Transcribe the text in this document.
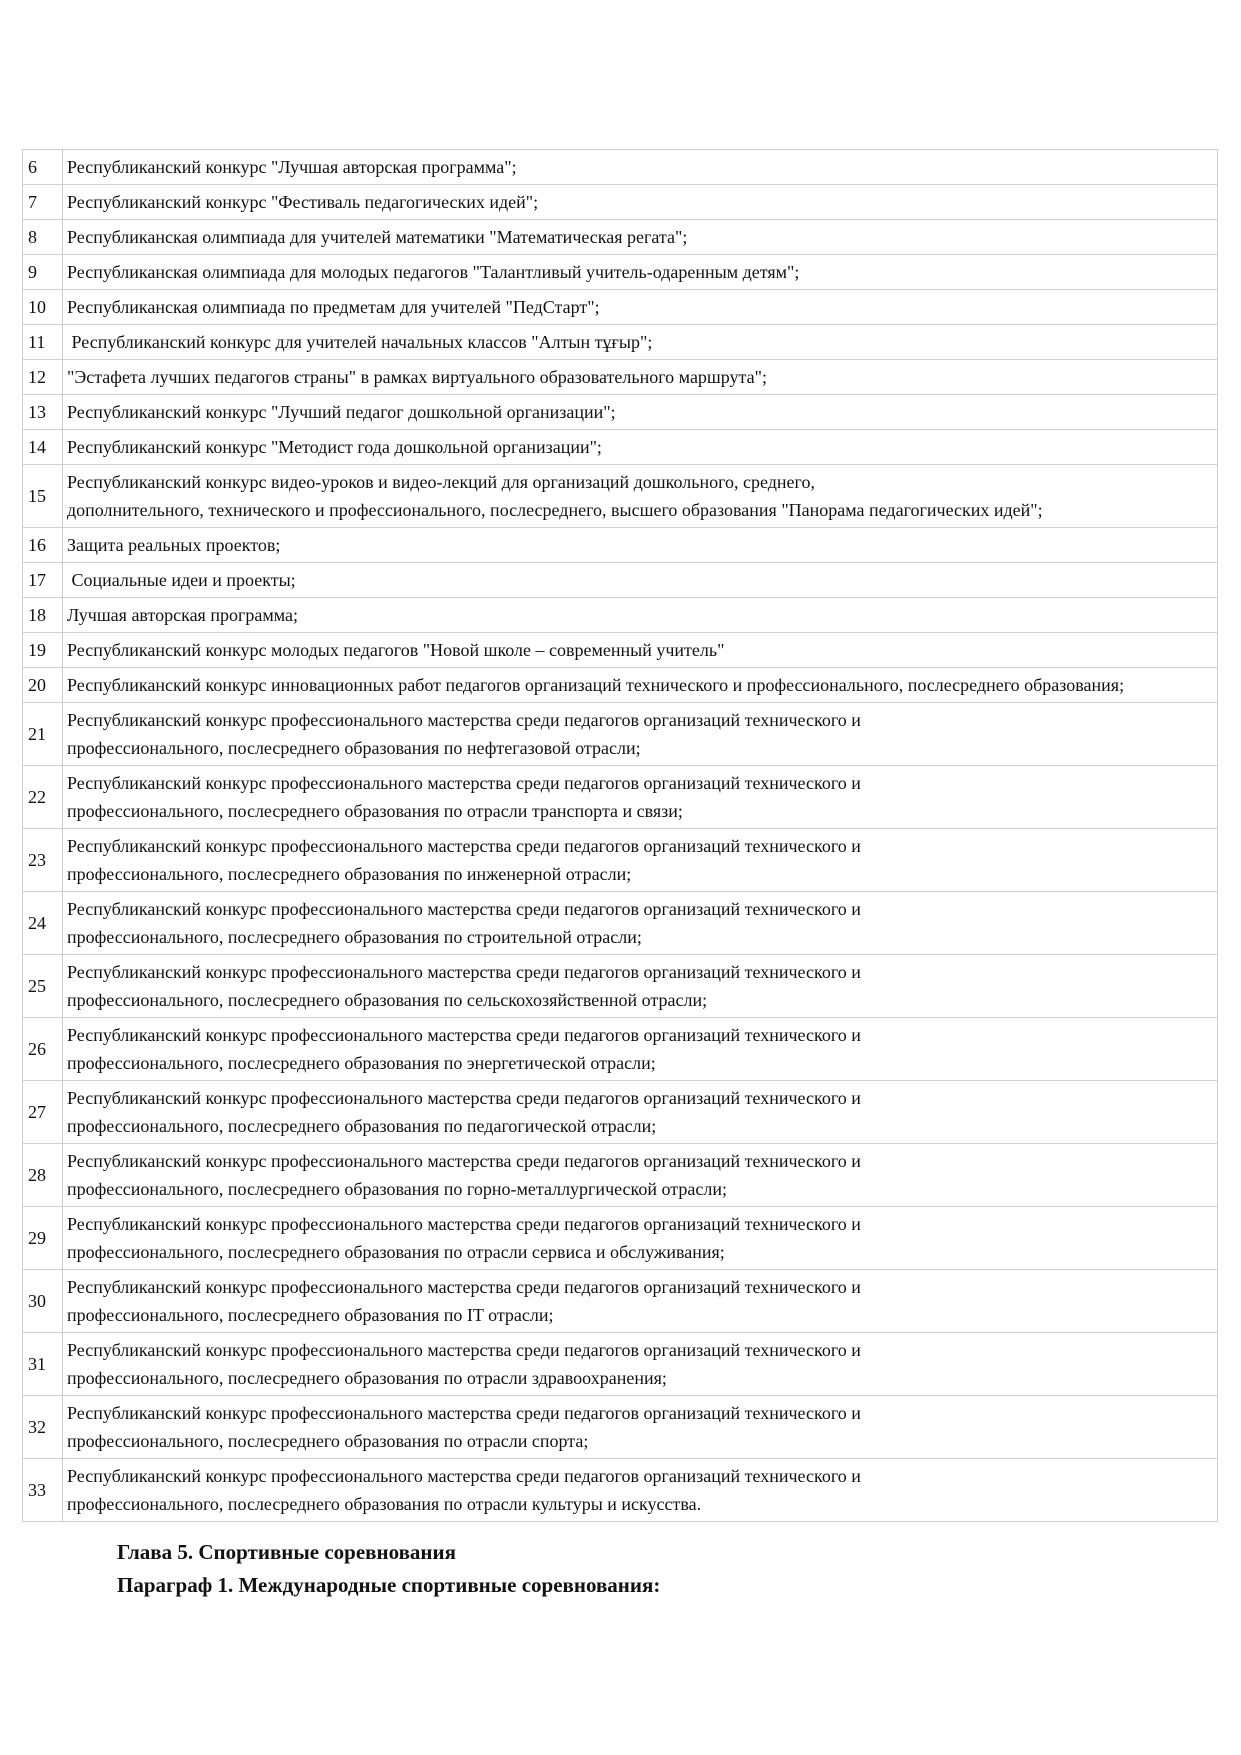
6	Республиканский конкурс "Лучшая авторская программа";
7	Республиканский конкурс "Фестиваль педагогических идей";
8	Республиканская олимпиада для учителей математики "Математическая регата";
9	Республиканская олимпиада для молодых педагогов "Талантливый учитель-одаренным детям";
10	Республиканская олимпиада по предметам для учителей "ПедСтарт";
11	Республиканский конкурс для учителей начальных классов "Алтын тұғыр";
12	"Эстафета лучших педагогов страны" в рамках виртуального образовательного маршрута";
13	Республиканский конкурс "Лучший педагог дошкольной организации";
14	Республиканский конкурс "Методист года дошкольной организации";
15	Республиканский конкурс видео-уроков и видео-лекций для организаций дошкольного, среднего,
дополнительного, технического и профессионального, послесреднего, высшего образования "Панорама педагогических идей";
16	Защита реальных проектов;
17	Социальные идеи и проекты;
18	Лучшая авторская программа;
19	Республиканский конкурс молодых педагогов "Новой школе – современный учитель"
20	Республиканский конкурс инновационных работ педагогов организаций технического и профессионального, послесреднего образования;
21	Республиканский конкурс профессионального мастерства среди педагогов организаций технического и
профессионального, послесреднего образования по нефтегазовой отрасли;
22	Республиканский конкурс профессионального мастерства среди педагогов организаций технического и
профессионального, послесреднего образования по отрасли транспорта и связи;
23	Республиканский конкурс профессионального мастерства среди педагогов организаций технического и
профессионального, послесреднего образования по инженерной отрасли;
24	Республиканский конкурс профессионального мастерства среди педагогов организаций технического и
профессионального, послесреднего образования по строительной отрасли;
25	Республиканский конкурс профессионального мастерства среди педагогов организаций технического и
профессионального, послесреднего образования по сельскохозяйственной отрасли;
26	Республиканский конкурс профессионального мастерства среди педагогов организаций технического и
профессионального, послесреднего образования по энергетической отрасли;
27	Республиканский конкурс профессионального мастерства среди педагогов организаций технического и
профессионального, послесреднего образования по педагогической отрасли;
28	Республиканский конкурс профессионального мастерства среди педагогов организаций технического и
профессионального, послесреднего образования по горно-металлургической отрасли;
29	Республиканский конкурс профессионального мастерства среди педагогов организаций технического и
профессионального, послесреднего образования по отрасли сервиса и обслуживания;
30	Республиканский конкурс профессионального мастерства среди педагогов организаций технического и
профессионального, послесреднего образования по IT отрасли;
31	Республиканский конкурс профессионального мастерства среди педагогов организаций технического и
профессионального, послесреднего образования по отрасли здравоохранения;
32	Республиканский конкурс профессионального мастерства среди педагогов организаций технического и
профессионального, послесреднего образования по отрасли спорта;
33	Республиканский конкурс профессионального мастерства среди педагогов организаций технического и
профессионального, послесреднего образования по отрасли культуры и искусства.
Глава 5. Спортивные соревнования
Параграф 1. Международные спортивные соревнования:
